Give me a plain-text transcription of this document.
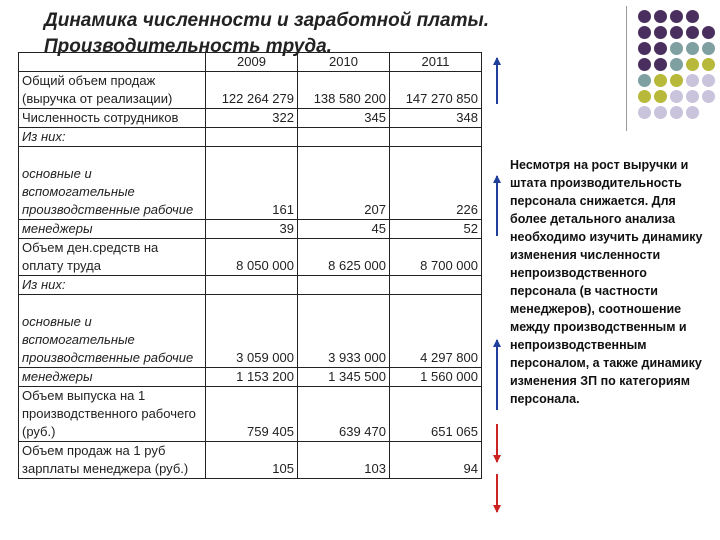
Динамика численности и заработной платы.
Производительность труда.
	2009	2010	2011
Общий объем продаж (выручка от реализации)	122 264 279	138 580 200	147 270 850
Численность сотрудников	322	345	348
Из них:			
основные и вспомогательные производственные рабочие	161	207	226
менеджеры	39	45	52
Объем ден.средств на оплату труда	8 050 000	8 625 000	8 700 000
Из них:			
основные и вспомогательные производственные рабочие	3 059 000	3 933 000	4 297 800
менеджеры	1 153 200	1 345 500	1 560 000
Объем выпуска на 1 производственного рабочего (руб.)	759 405	639 470	651 065
Объем продаж на 1 руб зарплаты менеджера (руб.)	105	103	94
Несмотря на рост выручки и штата производительность персонала снижается. Для более детального анализа необходимо изучить динамику изменения численности непроизводственного персонала (в частности менеджеров), соотношение между производственным и непроизводственным персоналом, а также динамику изменения ЗП по категориям персонала.
